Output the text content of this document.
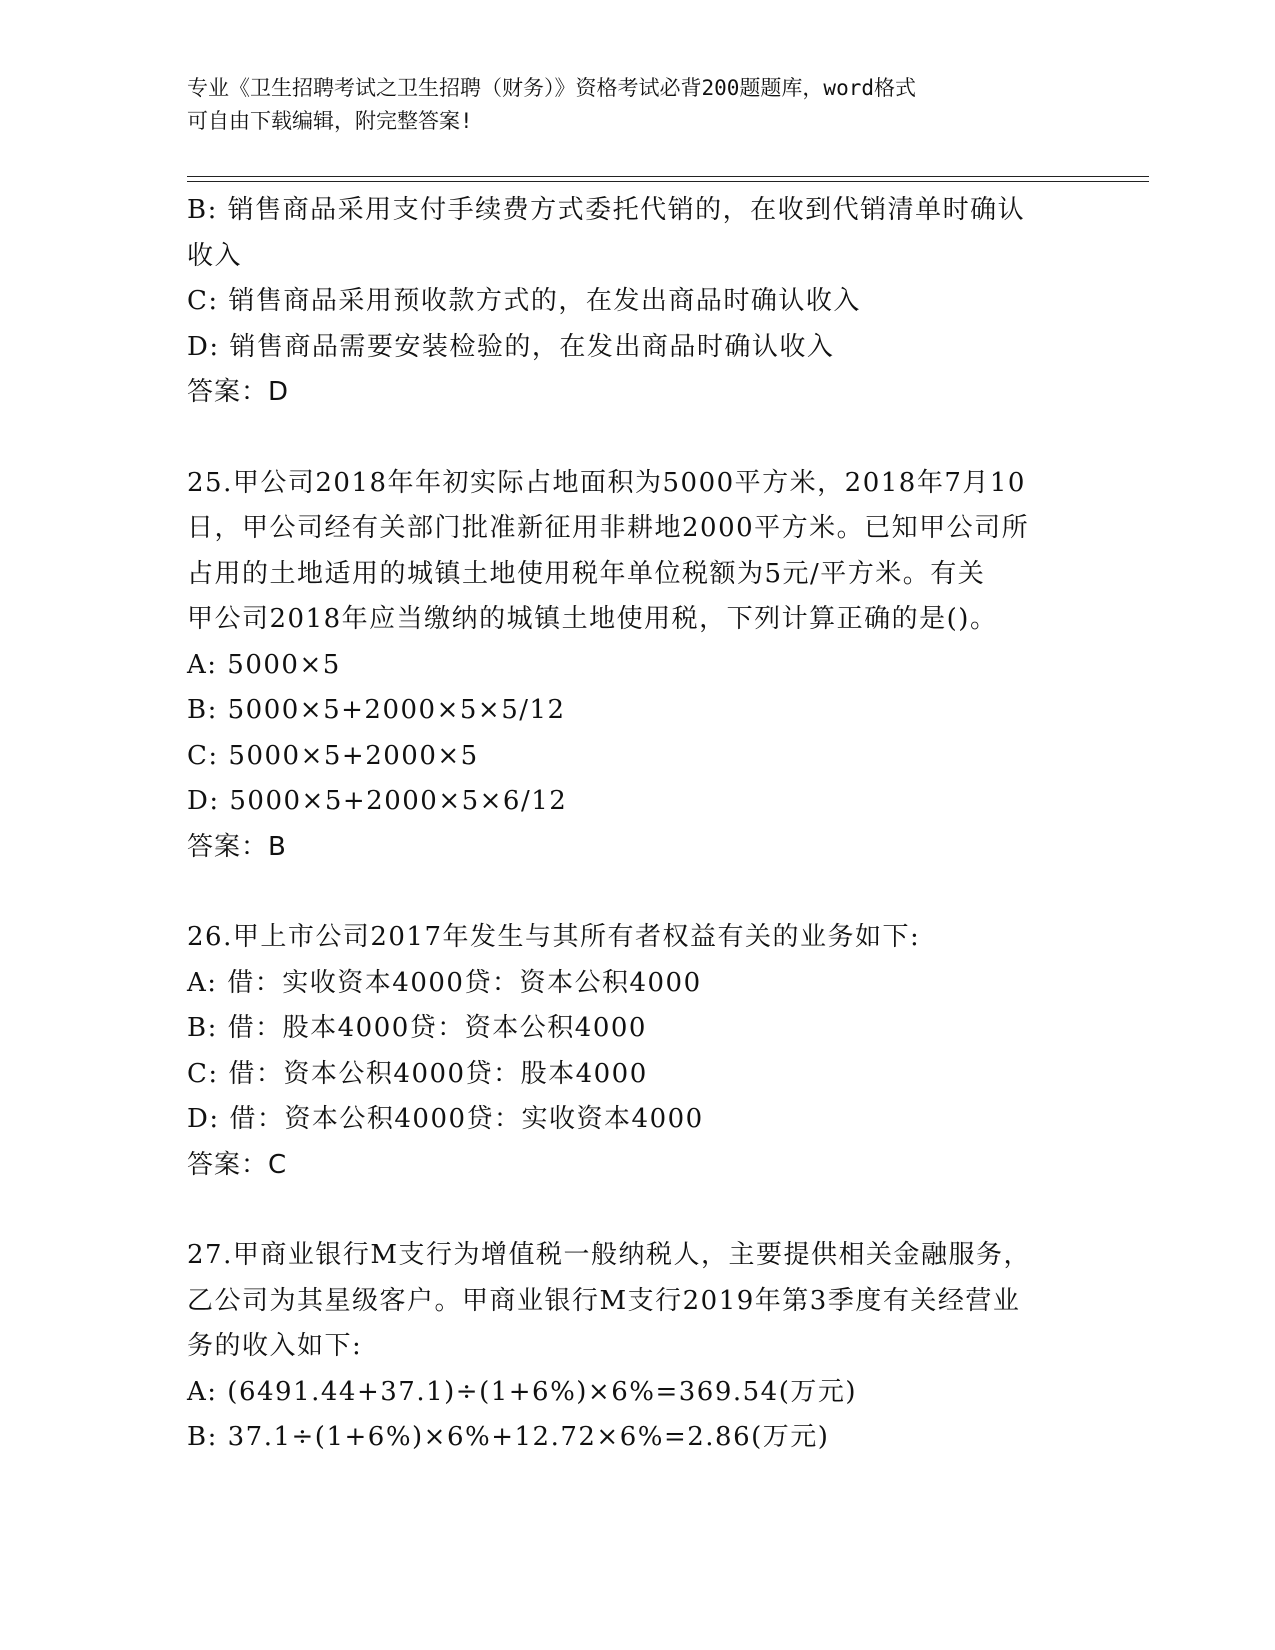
专业《卫生招聘考试之卫生招聘（财务）》资格考试必背200题题库，word格式
可自由下载编辑，附完整答案!
B: 销售商品采用支付手续费方式委托代销的，在收到代销清单时确认
收入
C: 销售商品采用预收款方式的，在发出商品时确认收入
D: 销售商品需要安装检验的，在发出商品时确认收入
答案：D
25.甲公司2018年年初实际占地面积为5000平方米，2018年7月10
日，甲公司经有关部门批准新征用非耕地2000平方米。已知甲公司所
占用的土地适用的城镇土地使用税年单位税额为5元/平方米。有关
甲公司2018年应当缴纳的城镇土地使用税，下列计算正确的是()。
A: 5000×5
B: 5000×5+2000×5×5/12
C: 5000×5+2000×5
D: 5000×5+2000×5×6/12
答案：B
26.甲上市公司2017年发生与其所有者权益有关的业务如下:
A: 借：实收资本4000贷：资本公积4000
B: 借：股本4000贷：资本公积4000
C: 借：资本公积4000贷：股本4000
D: 借：资本公积4000贷：实收资本4000
答案：C
27.甲商业银行M支行为增值税一般纳税人，主要提供相关金融服务，
乙公司为其星级客户。甲商业银行M支行2019年第3季度有关经营业
务的收入如下:
A: (6491.44+37.1)÷(1+6%)×6%=369.54(万元)
B: 37.1÷(1+6%)×6%+12.72×6%=2.86(万元)
